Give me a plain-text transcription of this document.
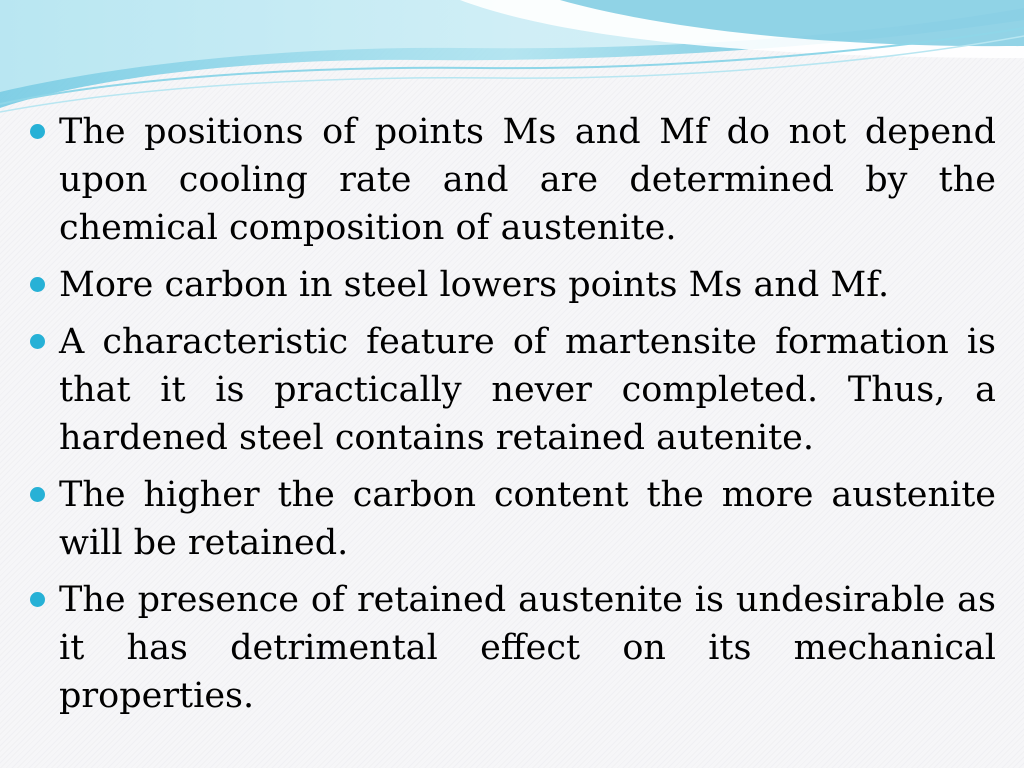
The positions of points Ms and Mf do not depend upon cooling rate and are determined by the chemical composition of austenite.
More carbon in steel lowers points Ms and Mf.
A characteristic feature of martensite formation is that it is practically never completed. Thus, a hardened steel contains retained autenite.
The higher the carbon content the more austenite will be retained.
The presence of retained austenite is undesirable as it has detrimental effect on its mechanical properties.
